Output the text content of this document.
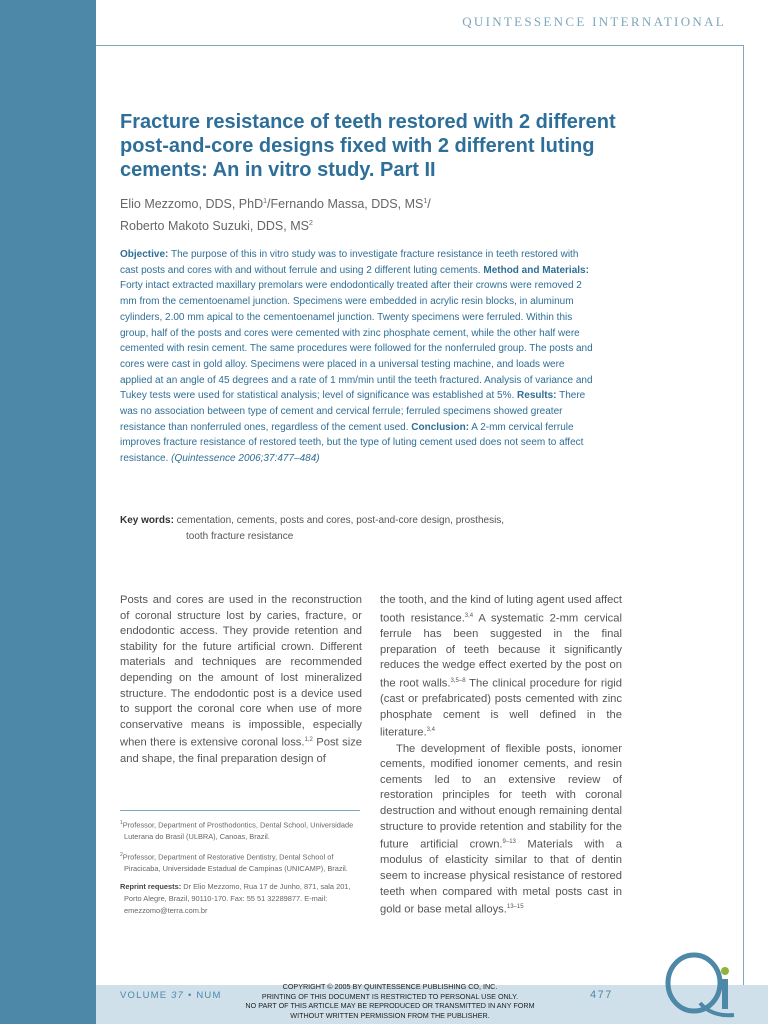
QUINTESSENCE INTERNATIONAL
Fracture resistance of teeth restored with 2 different post-and-core designs fixed with 2 different luting cements: An in vitro study. Part II
Elio Mezzomo, DDS, PhD$^1$/Fernando Massa, DDS, $MS^1/$
Roberto Makoto Suzuki, DDS, $MS^2$
Objective: The purpose of this in vitro study was to investigate fracture resistance in teeth restored with cast posts and cores with and without ferrule and using 2 different luting cements. Method and Materials: Forty intact extracted maxillary premolars were endodontically treated after their crowns were removed 2 mm from the cementoenamel junction. Specimens were embedded in acrylic resin blocks, in aluminum cylinders, 2.00 mm apical to the cementoenamel junction. Twenty specimens were ferruled. Within this group, half of the posts and cores were cemented with zinc phosphate cement, while the other half were cemented with resin cement. The same procedures were followed for the nonferruled group. The posts and cores were cast in gold alloy. Specimens were placed in a universal testing machine, and loads were applied at an angle of 45 degrees and a rate of 1 mm/min until the teeth fractured. Analysis of variance and Tukey tests were used for statistical analysis; level of significance was established at 5%. Results: There was no association between type of cement and cervical ferrule; ferruled specimens showed greater resistance than nonferruled ones, regardless of the cement used. Conclusion: A 2-mm cervical ferrule improves fracture resistance of restored teeth, but the type of luting cement used does not seem to affect resistance. (Quintessence 2006;37:477–484)
Key words: cementation, cements, posts and cores, post-and-core design, prosthesis,
tooth fracture resistance

Posts and cores are used in the reconstruction of coronal structure lost by caries, fracture, or endodontic access. They provide retention and stability for the future artificial crown. Different materials and techniques are recommended depending on the amount of lost mineralized structure. The endodontic post is a device used to support the coronal core when use of more conservative means is impossible, especially when there is extensive coronal loss.$^{1,2}$ Post size and shape, the final preparation design of

$^1$Professor, Department of Prosthodontics, Dental School, Universidade Luterana do Brasil (ULBRA), Canoas, Brazil.

$^2$Professor, Department of Restorative Dentistry, Dental School of Piracicaba, Universidade Estadual de Campinas (UNICAMP), Brazil.

Reprint requests: Dr Elio Mezzomo, Rua 17 de Junho, 871, sala 201, Porto Alegre, Brazil, 90110-170. Fax: 55 51 32289877. E-mail: emezzomo@terra.com.br

the tooth, and the kind of luting agent used affect tooth resistance.$^{3,4}$ A systematic 2-mm cervical ferrule has been suggested in the final preparation of teeth because it significantly reduces the wedge effect exerted by the post on the root walls.$^{3,5-8}$ The clinical procedure for rigid (cast or prefabricated) posts cemented with zinc phosphate cement is well defined in the literature.$^{3,4}$

The development of flexible posts, ionomer cements, modified ionomer cements, and resin cements led to an extensive review of restoration principles for teeth with coronal destruction and without enough remaining dental structure to provide retention and stability for the future artificial crown.$^{9-13}$ Materials with a modulus of elasticity similar to that of dentin seem to increase physical resistance of restored teeth when compared with metal posts cast in gold or base metal alloys.$^{13-15}$

VOLUME 37 • NUM	477
COPYRIGHT © 2005 BY QUINTESSENCE PUBLISHING CO, INC.
PRINTING OF THIS DOCUMENT IS RESTRICTED TO PERSONAL USE ONLY.
NO PART OF THIS ARTICLE MAY BE REPRODUCED OR TRANSMITTED IN ANY FORM
WITHOUT WRITTEN PERMISSION FROM THE PUBLISHER.
